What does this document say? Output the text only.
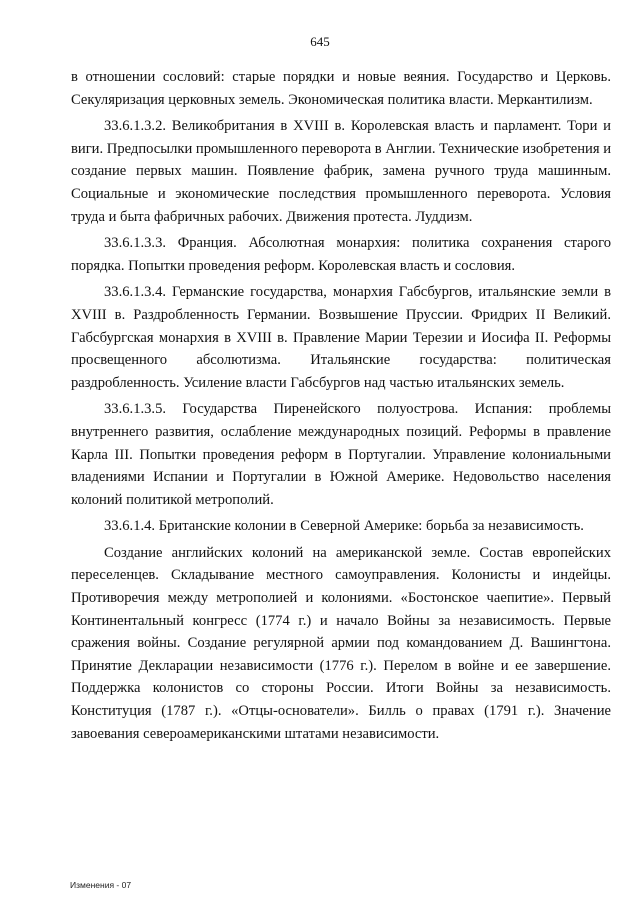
645

в отношении сословий: старые порядки и новые веяния. Государство и Церковь. Секуляризация церковных земель. Экономическая политика власти. Меркантилизм.

33.6.1.3.2. Великобритания в XVIII в. Королевская власть и парламент. Тори и виги. Предпосылки промышленного переворота в Англии. Технические изобретения и создание первых машин. Появление фабрик, замена ручного труда машинным. Социальные и экономические последствия промышленного переворота. Условия труда и быта фабричных рабочих. Движения протеста. Луддизм.

33.6.1.3.3. Франция. Абсолютная монархия: политика сохранения старого порядка. Попытки проведения реформ. Королевская власть и сословия.

33.6.1.3.4. Германские государства, монархия Габсбургов, итальянские земли в XVIII в. Раздробленность Германии. Возвышение Пруссии. Фридрих II Великий. Габсбургская монархия в XVIII в. Правление Марии Терезии и Иосифа II. Реформы просвещенного абсолютизма. Итальянские государства: политическая раздробленность. Усиление власти Габсбургов над частью итальянских земель.

33.6.1.3.5. Государства Пиренейского полуострова. Испания: проблемы внутреннего развития, ослабление международных позиций. Реформы в правление Карла III. Попытки проведения реформ в Португалии. Управление колониальными владениями Испании и Португалии в Южной Америке. Недовольство населения колоний политикой метрополий.

33.6.1.4. Британские колонии в Северной Америке: борьба за независимость.

Создание английских колоний на американской земле. Состав европейских переселенцев. Складывание местного самоуправления. Колонисты и индейцы. Противоречия между метрополией и колониями. «Бостонское чаепитие». Первый Континентальный конгресс (1774 г.) и начало Войны за независимость. Первые сражения войны. Создание регулярной армии под командованием Д. Вашингтона. Принятие Декларации независимости (1776 г.). Перелом в войне и ее завершение. Поддержка колонистов со стороны России. Итоги Войны за независимость. Конституция (1787 г.). «Отцы-основатели». Билль о правах (1791 г.). Значение завоевания североамериканскими штатами независимости.

Изменения - 07
